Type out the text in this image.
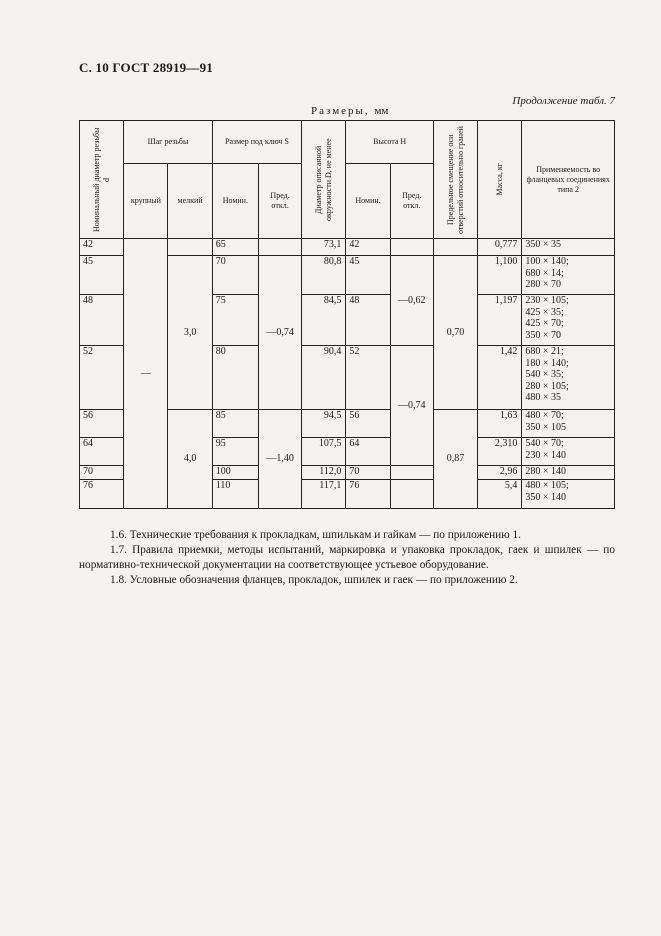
С. 10 ГОСТ 28919—91
Продолжение табл. 7
Размеры, мм
Номинальный диаметр резьбы d	Шаг резьбы		Размер под ключ S		Диаметр описанной окружности D, не менее	Высота H		Предельное смещение оси отверстий относительно граней	Масса, кг	Применяемость во фланцевых соединениях типа 2
	крупный	мелкий	Номин.	Пред. откл.		Номин.	Пред. откл.			
42	—		65		73,1	42			0,777	350 × 35

45		3,0	70	—0,74	80,8	45	—0,62	0,70	1,100	100 × 140;
680 × 14;
280 × 70

48			75		84,5	48			1,197	230 × 105;
425 × 35;
425 × 70;
350 × 70

52			80		90,4	52	—0,74		1,42	680 × 21;
180 × 140;
540 × 35;
280 × 105;
480 × 35

56		4,0	85	—1,40	94,5	56		0,87	1,63	480 × 70;
350 × 105

64			95		107,5	64			2,310	540 × 70;
230 × 140

70			100		112,0	70			2,96	280 × 140

76			110		117,1	76			5,4	480 × 105;
350 × 140

1.6. Технические требования к прокладкам, шпилькам и гайкам — по приложению 1.

1.7. Правила приемки, методы испытаний, маркировка и упаковка прокладок, гаек и шпилек — по нормативно-технической документации на соответствующее устьевое оборудование.

1.8. Условные обозначения фланцев, прокладок, шпилек и гаек — по приложению 2.
